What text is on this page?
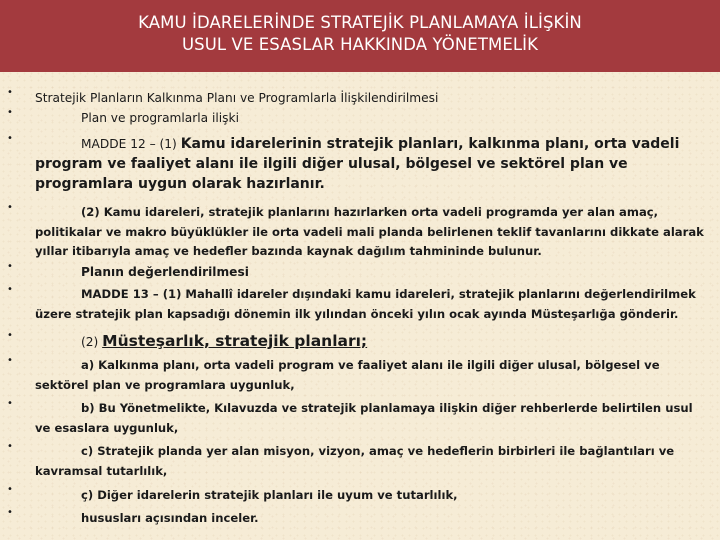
KAMU İDARELERİNDE STRATEJİK PLANLAMAYA İLİŞKİN
USUL VE ESASLAR HAKKINDA YÖNETMELİK
• Stratejik Planların Kalkınma Planı ve Programlarla İlişkilendirilmesi
•	Plan ve programlarla ilişki
•	MADDE 12 – (1) Kamu idarelerinin stratejik planları, kalkınma planı, orta vadeli program ve faaliyet alanı ile ilgili diğer ulusal, bölgesel ve sektörel plan ve programlara uygun olarak hazırlanır.
•	(2) Kamu idareleri, stratejik planlarını hazırlarken orta vadeli programda yer alan amaç, politikalar ve makro büyüklükler ile orta vadeli mali planda belirlenen teklif tavanlarını dikkate alarak yıllar itibarıyla amaç ve hedefler bazında kaynak dağılım tahmininde bulunur.
•	Planın değerlendirilmesi
•	MADDE 13 – (1) Mahallî idareler dışındaki kamu idareleri, stratejik planlarını değerlendirilmek üzere stratejik plan kapsadığı dönemin ilk yılından önceki yılın ocak ayında Müsteşarlığa gönderir.
•	(2) Müsteşarlık, stratejik planları;
•	a) Kalkınma planı, orta vadeli program ve faaliyet alanı ile ilgili diğer ulusal, bölgesel ve sektörel plan ve programlara uygunluk,
•	b) Bu Yönetmelikte, Kılavuzda ve stratejik planlamaya ilişkin diğer rehberlerde belirtilen usul ve esaslara uygunluk,
•	c) Stratejik planda yer alan misyon, vizyon, amaç ve hedeflerin birbirleri ile bağlantıları ve kavramsal tutarlılık,
•	ç) Diğer idarelerin stratejik planları ile uyum ve tutarlılık,
•	hususları açısından inceler.
